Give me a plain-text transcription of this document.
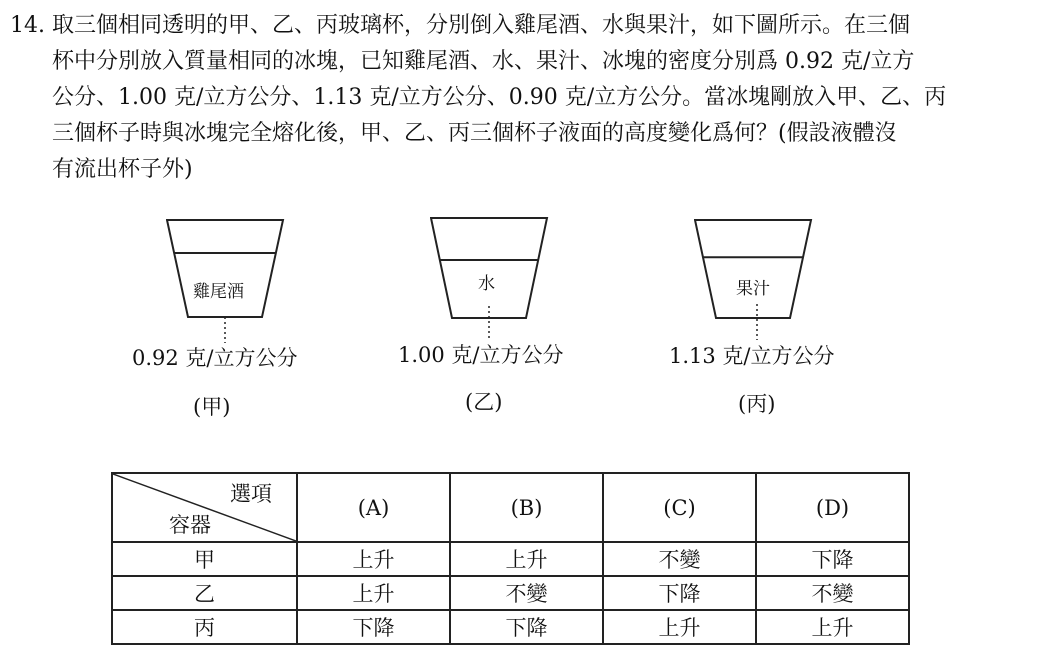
14. 取三個相同透明的甲、乙、丙玻璃杯，分別倒入雞尾酒、水與果汁，如下圖所示。在三個

杯中分別放入質量相同的冰塊，已知雞尾酒、水、果汁、冰塊的密度分別爲 0.92 克/立方

公分、1.00 克/立方公分、1.13 克/立方公分、0.90 克/立方公分。當冰塊剛放入甲、乙、丙

三個杯子時與冰塊完全熔化後，甲、乙、丙三個杯子液面的高度變化爲何？(假設液體沒

有流出杯子外)

雞尾酒
0.92 克/立方公分
(甲)
水
1.00 克/立方公分
(乙)
果汁
1.13 克/立方公分
(丙)
選項
容器	(A)	(B)	(C)	(D)
甲	上升	上升	不變	下降
乙	上升	不變	下降	不變
丙	下降	下降	上升	上升
